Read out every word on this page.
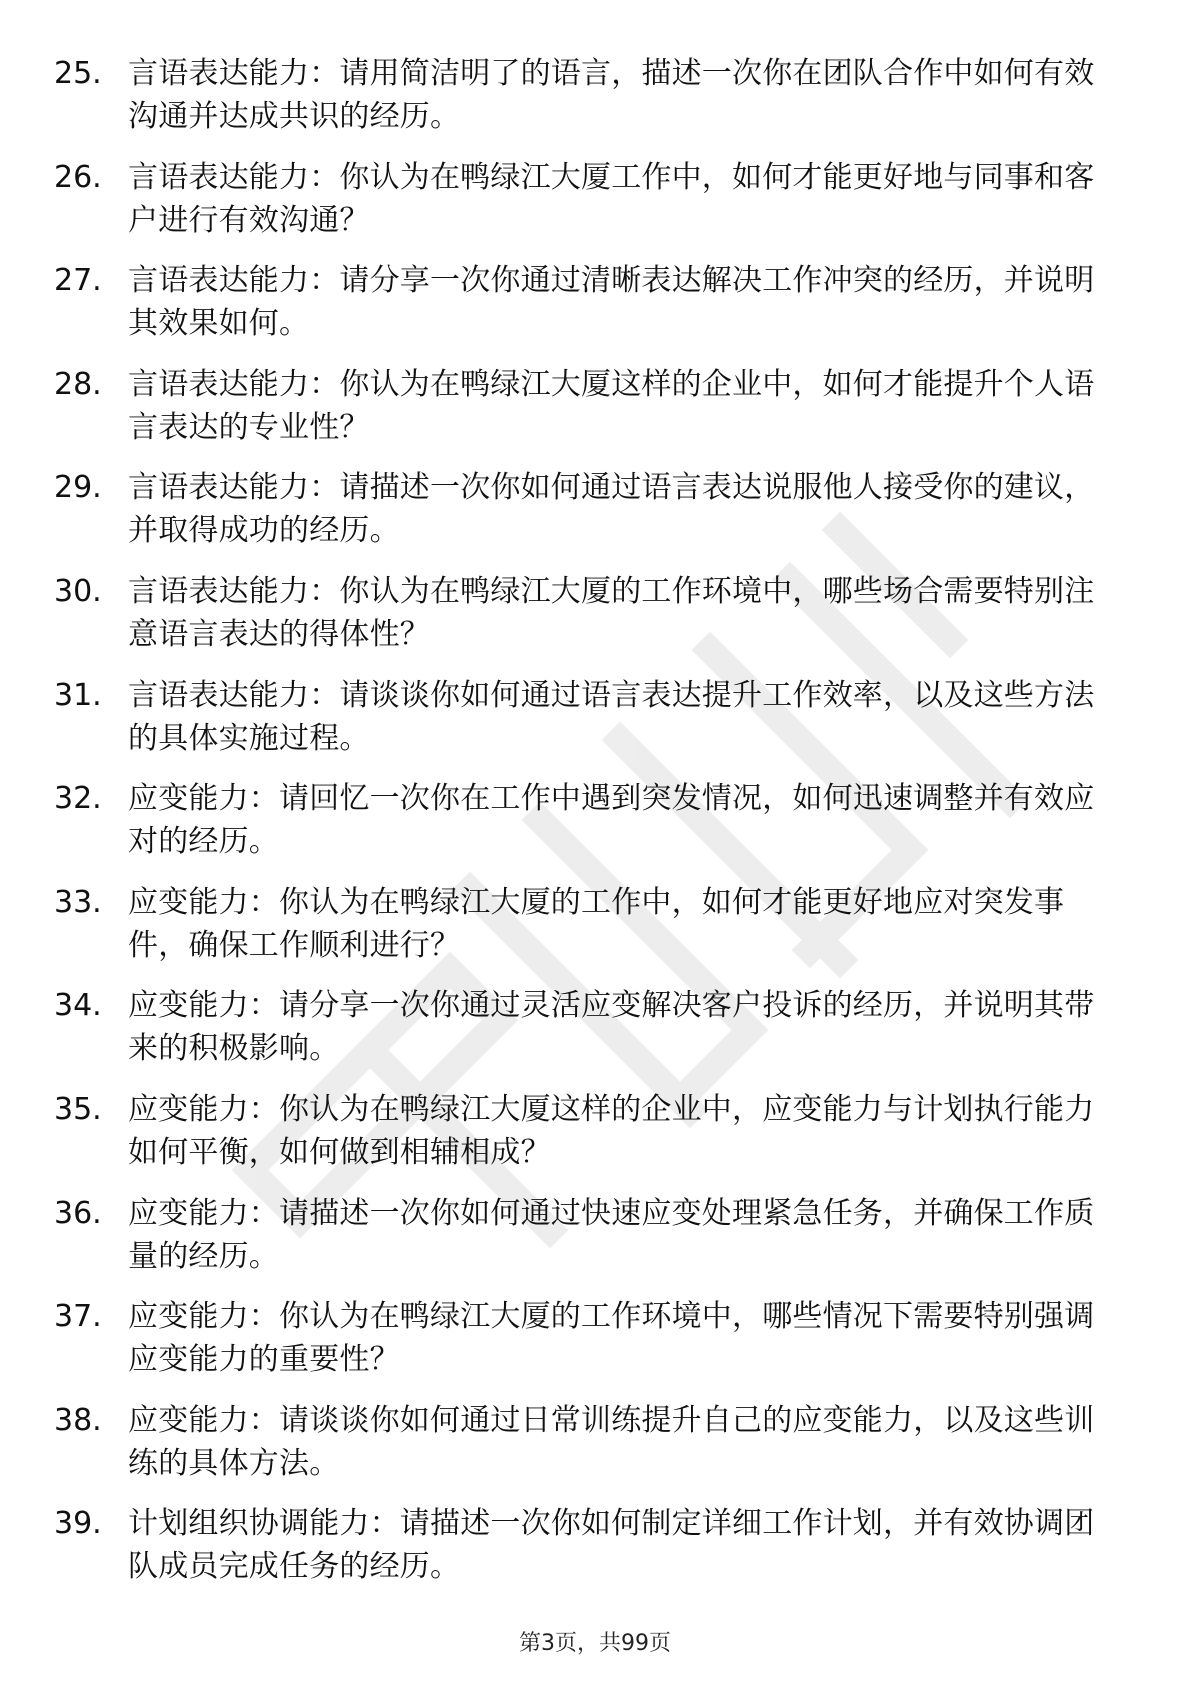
25. 言语表达能力：请用简洁明了的语言，描述一次你在团队合作中如何有效沟通并达成共识的经历。
26. 言语表达能力：你认为在鸭绿江大厦工作中，如何才能更好地与同事和客户进行有效沟通？
27. 言语表达能力：请分享一次你通过清晰表达解决工作冲突的经历，并说明其效果如何。
28. 言语表达能力：你认为在鸭绿江大厦这样的企业中，如何才能提升个人语言表达的专业性？
29. 言语表达能力：请描述一次你如何通过语言表达说服他人接受你的建议，并取得成功的经历。
30. 言语表达能力：你认为在鸭绿江大厦的工作环境中，哪些场合需要特别注意语言表达的得体性？
31. 言语表达能力：请谈谈你如何通过语言表达提升工作效率，以及这些方法的具体实施过程。
32. 应变能力：请回忆一次你在工作中遇到突发情况，如何迅速调整并有效应对的经历。
33. 应变能力：你认为在鸭绿江大厦的工作中，如何才能更好地应对突发事件，确保工作顺利进行？
34. 应变能力：请分享一次你通过灵活应变解决客户投诉的经历，并说明其带来的积极影响。
35. 应变能力：你认为在鸭绿江大厦这样的企业中，应变能力与计划执行能力如何平衡，如何做到相辅相成？
36. 应变能力：请描述一次你如何通过快速应变处理紧急任务，并确保工作质量的经历。
37. 应变能力：你认为在鸭绿江大厦的工作环境中，哪些情况下需要特别强调应变能力的重要性？
38. 应变能力：请谈谈你如何通过日常训练提升自己的应变能力，以及这些训练的具体方法。
39. 计划组织协调能力：请描述一次你如何制定详细工作计划，并有效协调团队成员完成任务的经历。
第3页，共99页
